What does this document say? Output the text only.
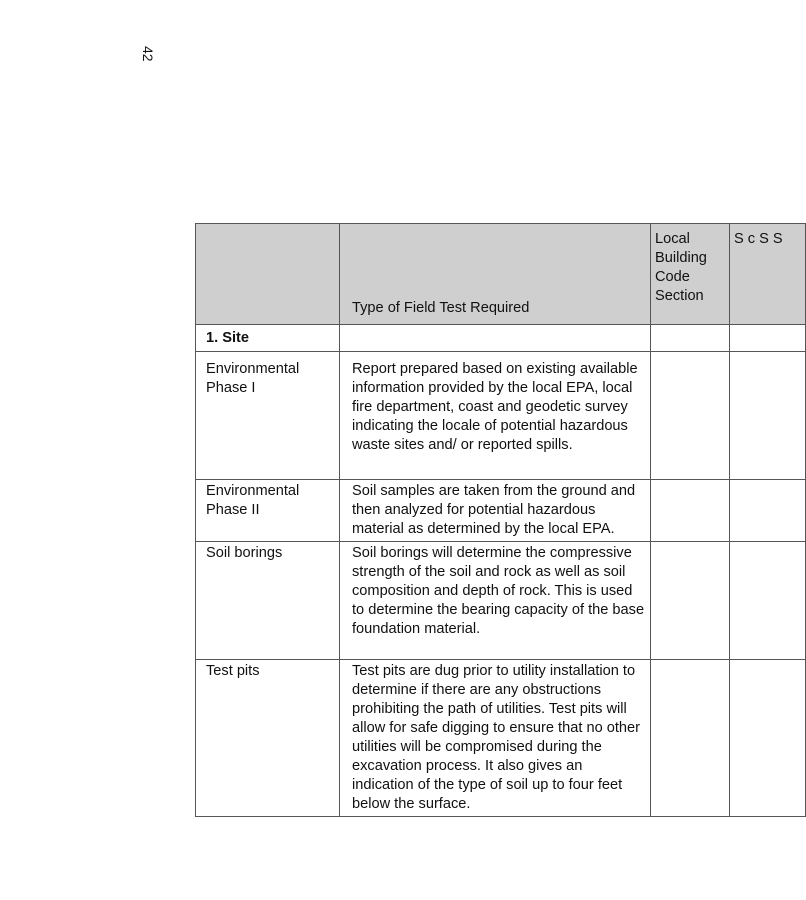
42
	Type of Field Test Required	Local Building Code Section	S c S S
1. Site			
Environmental Phase I	Report prepared based on existing available information provided by the local EPA, local fire department, coast and geodetic survey indicating the locale of potential hazardous waste sites and/ or reported spills.		
Environmental Phase II	Soil samples are taken from the ground and then analyzed for potential hazardous material as determined by the local EPA.		
Soil borings	Soil borings will determine the compressive strength of the soil and rock as well as soil composition and depth of rock. This is used to determine the bearing capacity of the base foundation material.		
Test pits	Test pits are dug prior to utility installation to determine if there are any obstructions prohibiting the path of utilities. Test pits will allow for safe digging to ensure that no other utilities will be compromised during the excavation process. It also gives an indication of the type of soil up to four feet below the surface.		
